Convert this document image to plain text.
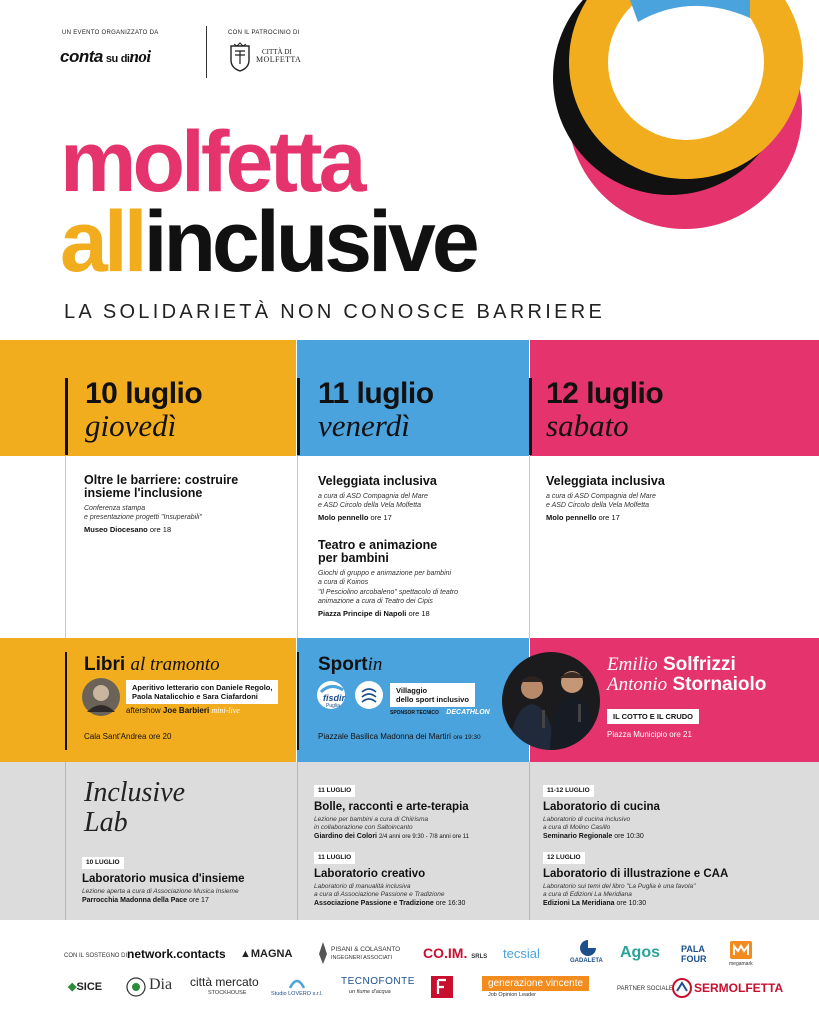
UN EVENTO ORGANIZZATO DA
conta su dinoi
CON IL PATROCINIO DI
CITTÀ DI
MOLFETTA
molfetta
allinclusive
LA SOLIDARIETÀ NON CONOSCE BARRIERE
10 luglio
giovedì
11 luglio
venerdì
12 luglio
sabato
Oltre le barriere: costruire insieme l'inclusione
Conferenza stampa
e presentazione progetti "Insuperabili"
Museo Diocesano ore 18
Veleggiata inclusiva
a cura di ASD Compagnia del Mare
e ASD Circolo della Vela Molfetta
Molo pennello ore 17
Teatro e animazione
per bambini
Giochi di gruppo e animazione per bambini
a cura di Koinos
"Il Pesciolino arcobaleno" spettacolo di teatro
animazione a cura di Teatro dei Cipis
Piazza Principe di Napoli ore 18
Veleggiata inclusiva
a cura di ASD Compagnia del Mare
e ASD Circolo della Vela Molfetta
Molo pennello ore 17
Libri al tramonto
Aperitivo letterario con Daniele Regolo,
Paola Natalicchio e Sara Ciafardoni
aftershow Joe Barbieri mini-live
Cala Sant'Andrea ore 20
Sportin
fisdir
Puglia
Villaggio
dello sport inclusivo
SPONSOR TECNICO DECATHLON
Piazzale Basilica Madonna dei Martiri ore 19:30
Emilio Solfrizzi
Antonio Stornaiolo
IL COTTO E IL CRUDO
Piazza Municipio ore 21
Inclusive
Lab
10 LUGLIO
Laboratorio musica d'insieme
Lezione aperta a cura di Associazione Musica Insieme
Parrocchia Madonna della Pace ore 17
11 LUGLIO
Bolle, racconti e arte-terapia
Lezione per bambini a cura di Chiirisma
in collaborazione con Saltoincanto
Giardino dei Colori 2/4 anni ore 9:30 - 7/8 anni ore 11
11 LUGLIO
Laboratorio creativo
Laboratorio di manualità inclusiva
a cura di Associazione Passione e Tradizione
Associazione Passione e Tradizione ore 16:30
11-12 LUGLIO
Laboratorio di cucina
Laboratorio di cucina inclusivo
a cura di Molino Casillo
Seminario Regionale ore 10:30
12 LUGLIO
Laboratorio di illustrazione e CAA
Laboratorio sui temi del libro "La Puglia è una favola"
a cura di Edizioni La Meridiana
Edizioni La Meridiana ore 10:30
CON IL SOSTEGNO DI network.contacts ▲MAGNA	PISANI & COLASANTO
INGEGNERI ASSOCIATI	CO.IM. SRLS tecsial	GADALETA Agos PALA FOUR	megamark
◆SICE	Dia città mercato
STOCKHOUSE	Studio LOVERO s.r.l.
TECNOFONTE
un fiume d'acqua
generazione vincente
Job Opinion Leader
PARTNER SOCIALE SERMOLFETTA
